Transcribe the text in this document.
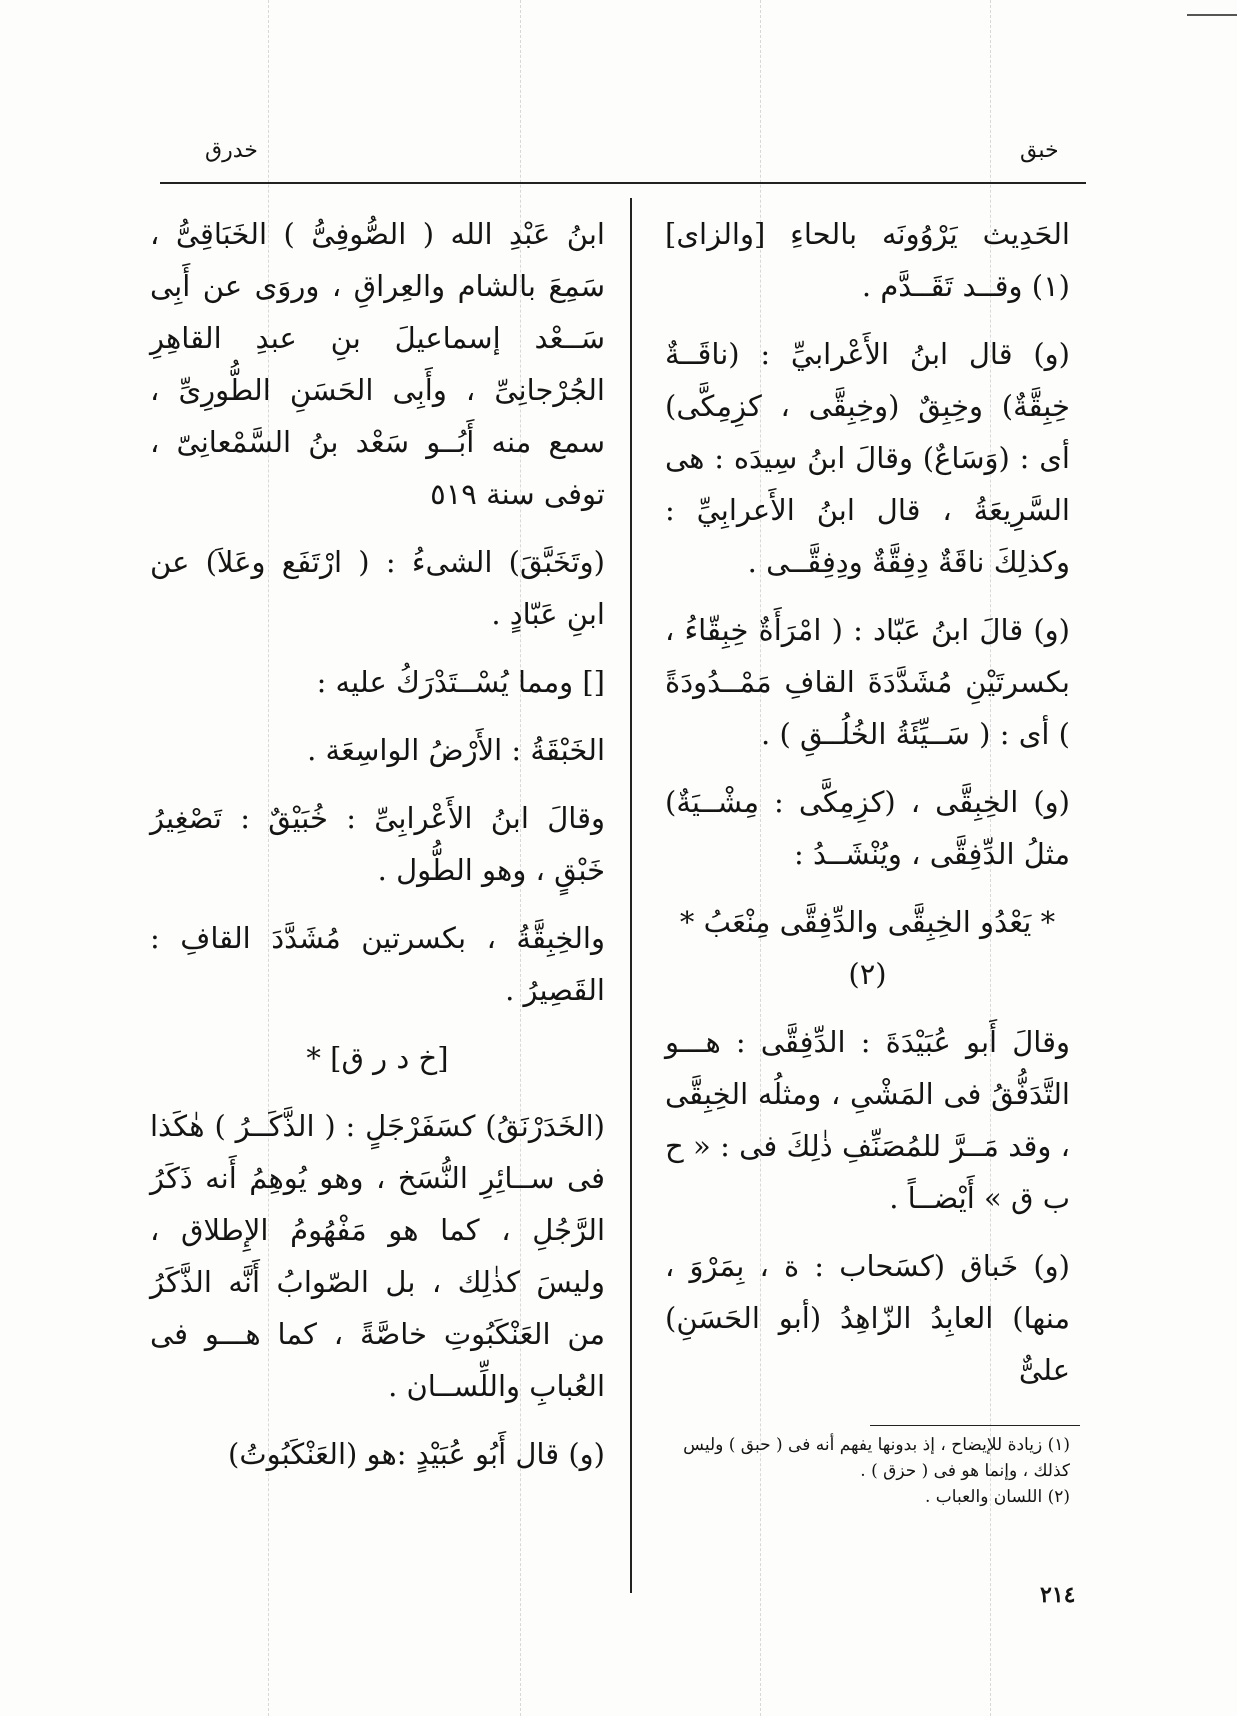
خدرق	خبق

الحَدِيث يَرْوُونَه بالحاءِ [والزاى] (١) وقــد تَقَــدَّم .

(و) قال ابنُ الأَعْرابيِّ : (ناقَــةٌ خِبِقَّةٌ) وخِبِقٌ (وخِبِقَّى ، كزِمِكَّى) أى : (وَسَاعٌ) وقالَ ابنُ سِيدَه : هى السَّرِيعَةُ ، قال ابنُ الأَعرابِيِّ : وكذلِكَ ناقَةٌ دِفِقَّةٌ ودِفِقَّــى .

(و) قالَ ابنُ عَبّاد : ( امْرَأَةٌ خِبِقّاءُ ، بكسرتَيْنِ مُشَدَّدَةَ القافِ مَمْــدُودَةً ) أى : ( سَــيِّئَةُ الخُلُــقِ ) .

(و) الخِبِقَّى ، (كزِمِكَّى : مِشْــيَةٌ) مثلُ الدِّفِقَّى ، ويُنْشَــدُ :

* يَعْدُو الخِبِقَّى والدِّفِقَّى مِنْعَبُ * (٢)

وقالَ أَبو عُبَيْدَةَ : الدِّفِقَّى : هـــو التَّدَفُّقُ فى المَشْىِ ، ومثلُه الخِبِقَّى ، وقد مَــرَّ للمُصَنِّفِ ذٰلِكَ فى : « ح ب ق » أَيْضــاً .

(و) خَباق (كسَحاب : ة ، بِمَرْوَ ، منها) العابِدُ الزّاهِدُ (أبو الحَسَنِ) علىٌّ

ابنُ عَبْدِ الله ( الصُّوفِىُّ ) الخَبَاقِىُّ ، سَمِعَ بالشام والعِراقِ ، وروَى عن أَبِى سَــعْد إسماعيلَ بنِ عبدِ القاهِرِ الجُرْجانِىِّ ، وأَبِى الحَسَنِ الطُّورِىِّ ، سمع منه أَبُــو سَعْد بنُ السَّمْعانِىّ ، توفى سنة ٥١٩

(وتَخَبَّقَ) الشىءُ : ( ارْتَفَع وعَلاَ) عن ابنِ عَبّادٍ .

[] ومما يُسْــتَدْرَكُ عليه :

الخَبْقَةُ : الأَرْضُ الواسِعَة .

وقالَ ابنُ الأَعْرابِىِّ : خُبَيْقٌ : تَصْغِيرُ خَبْقٍ ، وهو الطُّول .

والخِبِقَّةُ ، بكسرتين مُشَدَّدَ القافِ : القَصِيرُ .

[خ د ر ق] *

(الخَدَرْنَقُ) كسَفَرْجَلٍ : ( الذَّكَــرُ ) هٰكَذا فى ســائِرِ النُّسَخ ، وهو يُوهِمُ أَنه ذَكَرُ الرَّجُلِ ، كما هو مَفْهُومُ الإِطلاق ، وليسَ كذٰلِك ، بل الصّوابُ أَنَّه الذَّكَرُ من العَنْكَبُوتِ خاصَّةً ، كما هـــو فى العُبابِ واللِّســان .

(و) قال أَبُو عُبَيْدٍ :هو (العَنْكَبُوتُ)	(١) زيادة للإيضاح ، إذ بدونها يفهم أنه فى ( حبق ) وليس كذلك ، وإنما هو فى ( حزق ) .

(٢) اللسان والعباب .

٢١٤
